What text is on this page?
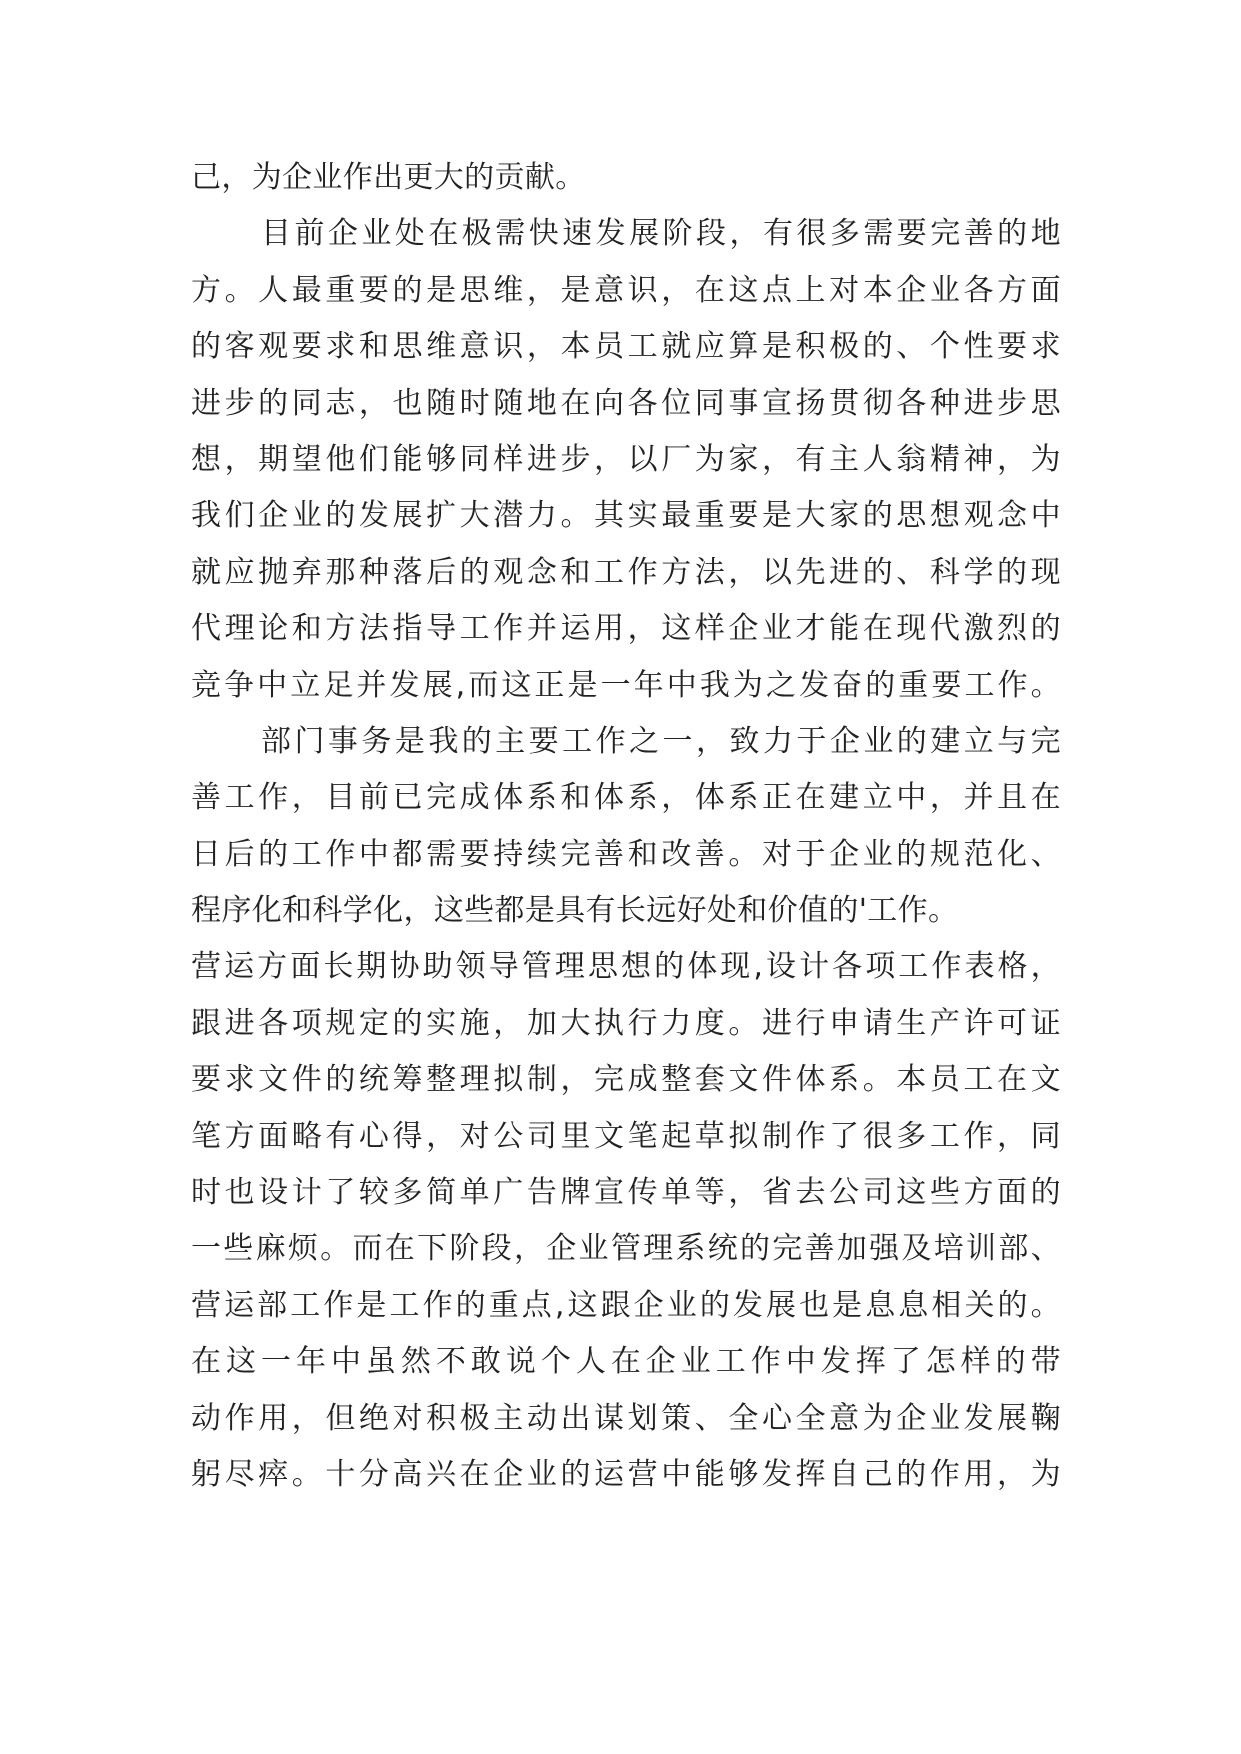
己，为企业作出更大的贡献。
目前企业处在极需快速发展阶段，有很多需要完善的地
方。人最重要的是思维，是意识，在这点上对本企业各方面
的客观要求和思维意识，本员工就应算是积极的、个性要求
进步的同志，也随时随地在向各位同事宣扬贯彻各种进步思
想，期望他们能够同样进步，以厂为家，有主人翁精神，为
我们企业的发展扩大潜力。其实最重要是大家的思想观念中
就应抛弃那种落后的观念和工作方法，以先进的、科学的现
代理论和方法指导工作并运用，这样企业才能在现代激烈的
竞争中立足并发展,而这正是一年中我为之发奋的重要工作。
部门事务是我的主要工作之一，致力于企业的建立与完
善工作，目前已完成体系和体系，体系正在建立中，并且在
日后的工作中都需要持续完善和改善。对于企业的规范化、
程序化和科学化，这些都是具有长远好处和价值的'工作。
营运方面长期协助领导管理思想的体现,设计各项工作表格，
跟进各项规定的实施，加大执行力度。进行申请生产许可证
要求文件的统筹整理拟制，完成整套文件体系。本员工在文
笔方面略有心得，对公司里文笔起草拟制作了很多工作，同
时也设计了较多简单广告牌宣传单等，省去公司这些方面的
一些麻烦。而在下阶段，企业管理系统的完善加强及培训部、
营运部工作是工作的重点,这跟企业的发展也是息息相关的。
在这一年中虽然不敢说个人在企业工作中发挥了怎样的带
动作用，但绝对积极主动出谋划策、全心全意为企业发展鞠
躬尽瘁。十分高兴在企业的运营中能够发挥自己的作用，为
